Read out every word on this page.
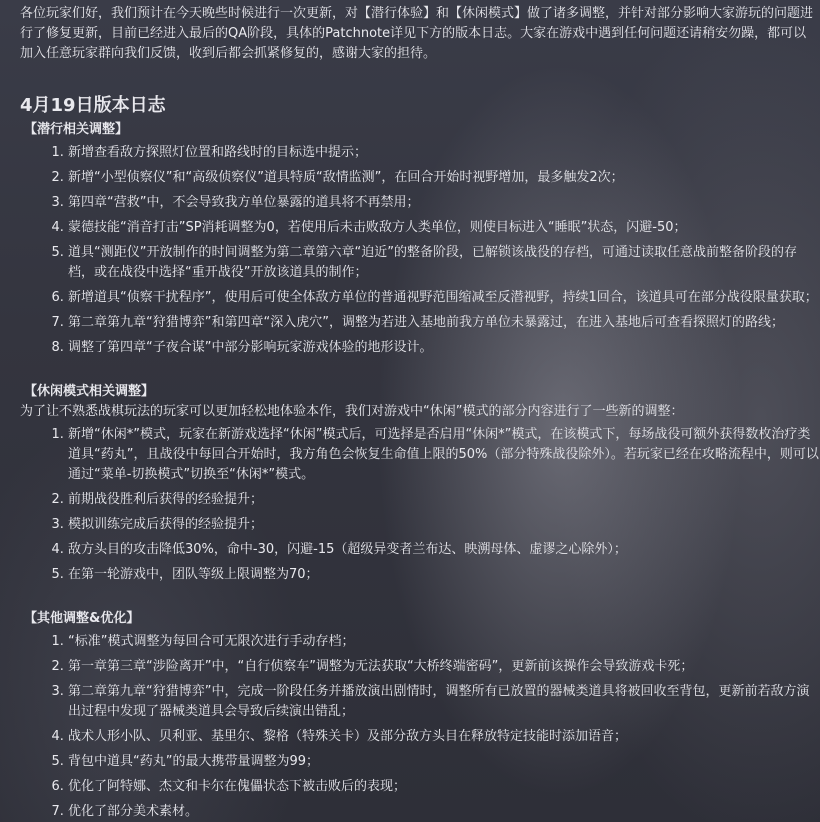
各位玩家们好，我们预计在今天晚些时候进行一次更新，对【潜行体验】和【休闲模式】做了诸多调整，并针对部分影响大家游玩的问题进行了修复更新，目前已经进入最后的QA阶段，具体的Patchnote详见下方的版本日志。大家在游戏中遇到任何问题还请稍安勿躁，都可以加入任意玩家群向我们反馈，收到后都会抓紧修复的，感谢大家的担待。

4月19日版本日志
【潜行相关调整】
1. 新增查看敌方探照灯位置和路线时的目标选中提示；
2. 新增“小型侦察仪”和“高级侦察仪”道具特质“敌情监测”，在回合开始时视野增加，最多触发2次；
3. 第四章“营救”中，不会导致我方单位暴露的道具将不再禁用；
4. 蒙德技能“消音打击”SP消耗调整为0，若使用后未击败敌方人类单位，则使目标进入“睡眠”状态，闪避-50；
5. 道具“测距仪”开放制作的时间调整为第二章第六章“迫近”的整备阶段，已解锁该战役的存档，可通过读取任意战前整备阶段的存档，或在战役中选择“重开战役”开放该道具的制作；
6. 新增道具“侦察干扰程序”，使用后可使全体敌方单位的普通视野范围缩减至反潜视野，持续1回合，该道具可在部分战役限量获取；
7. 第二章第九章“狩猎博弈”和第四章“深入虎穴”，调整为若进入基地前我方单位未暴露过，在进入基地后可查看探照灯的路线；
8. 调整了第四章“子夜合谋”中部分影响玩家游戏体验的地形设计。
【休闲模式相关调整】
为了让不熟悉战棋玩法的玩家可以更加轻松地体验本作，我们对游戏中“休闲”模式的部分内容进行了一些新的调整：
1. 新增“休闲*”模式，玩家在新游戏选择“休闲”模式后，可选择是否启用“休闲*”模式，在该模式下，每场战役可额外获得数枚治疗类道具“药丸”，且战役中每回合开始时，我方角色会恢复生命值上限的50%（部分特殊战役除外）。若玩家已经在攻略流程中，则可以通过“菜单-切换模式”切换至“休闲*”模式。
2. 前期战役胜利后获得的经验提升；
3. 模拟训练完成后获得的经验提升；
4. 敌方头目的攻击降低30%，命中-30，闪避-15（超级异变者兰布达、映溯母体、虚谬之心除外）；
5. 在第一轮游戏中，团队等级上限调整为70；
【其他调整&优化】
1. “标准”模式调整为每回合可无限次进行手动存档；
2. 第一章第三章“涉险离开”中，“自行侦察车”调整为无法获取“大桥终端密码”，更新前该操作会导致游戏卡死；
3. 第二章第九章“狩猎博弈”中，完成一阶段任务并播放演出剧情时，调整所有已放置的器械类道具将被回收至背包，更新前若敌方演出过程中发现了器械类道具会导致后续演出错乱；
4. 战术人形小队、贝利亚、基里尔、黎格（特殊关卡）及部分敌方头目在释放特定技能时添加语音；
5. 背包中道具“药丸”的最大携带量调整为99；
6. 优化了阿特娜、杰文和卡尔在傀儡状态下被击败后的表现；
7. 优化了部分美术素材。
